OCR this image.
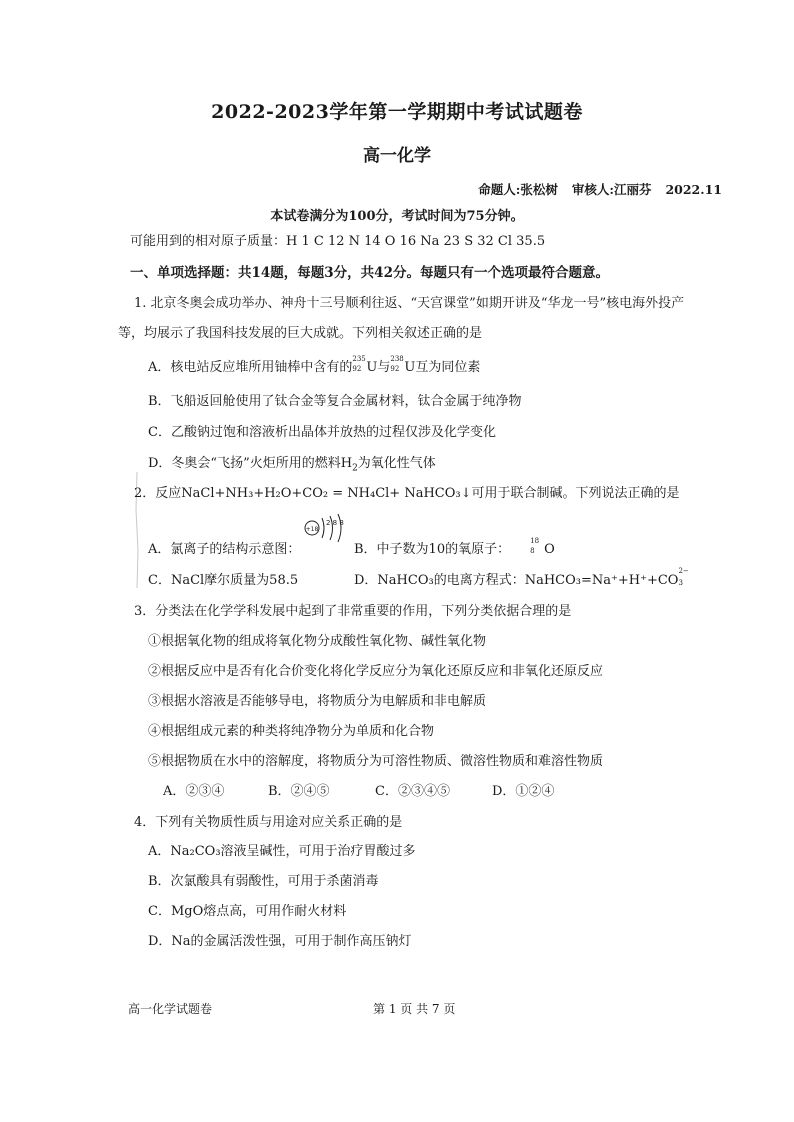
2022-2023学年第一学期期中考试试题卷
高一化学
命题人:张松树 审核人:江丽芬 2022.11
本试卷满分为100分，考试时间为75分钟。
可能用到的相对原子质量：H 1 C 12 N 14 O 16 Na 23 S 32 Cl 35.5
一、单项选择题：共14题，每题3分，共42分。每题只有一个选项最符合题意。
1. 北京冬奥会成功举办、神舟十三号顺利往返、“天宫课堂”如期开讲及“华龙一号”核电海外投产
等，均展示了我国科技发展的巨大成就。下列相关叙述正确的是
A．核电站反应堆所用铀棒中含有的
235
92 U与
238
92 U互为同位素
B．飞船返回舱使用了钛合金等复合金属材料，钛合金属于纯净物
C．乙酸钠过饱和溶液析出晶体并放热的过程仅涉及化学变化
D．冬奥会“飞扬”火炬所用的燃料$H_2$为氧化性气体
2．反应NaCl+NH₃+H₂O+CO₂ = NH₄Cl+ NaHCO₃↓可用于联合制碱。下列说法正确的是
A．氯离子的结构示意图：
+18
2 8 8
B．中子数为10的氧原子：
18
8 O
C．NaCl摩尔质量为58.5	D．NaHCO₃的电离方程式：NaHCO₃=Na⁺+H⁺+CO
2−
3
3．分类法在化学学科发展中起到了非常重要的作用，下列分类依据合理的是
①根据氧化物的组成将氧化物分成酸性氧化物、碱性氧化物
②根据反应中是否有化合价变化将化学反应分为氧化还原反应和非氧化还原反应
③根据水溶液是否能够导电，将物质分为电解质和非电解质
④根据组成元素的种类将纯净物分为单质和化合物
⑤根据物质在水中的溶解度，将物质分为可溶性物质、微溶性物质和难溶性物质
A．②③④	B．②④⑤	C．②③④⑤	D．①②④
4．下列有关物质性质与用途对应关系正确的是
A．Na₂CO₃溶液呈碱性，可用于治疗胃酸过多
B．次氯酸具有弱酸性，可用于杀菌消毒
C．MgO熔点高，可用作耐火材料
D．Na的金属活泼性强，可用于制作高压钠灯
高一化学试题卷	第 1 页 共 7 页
